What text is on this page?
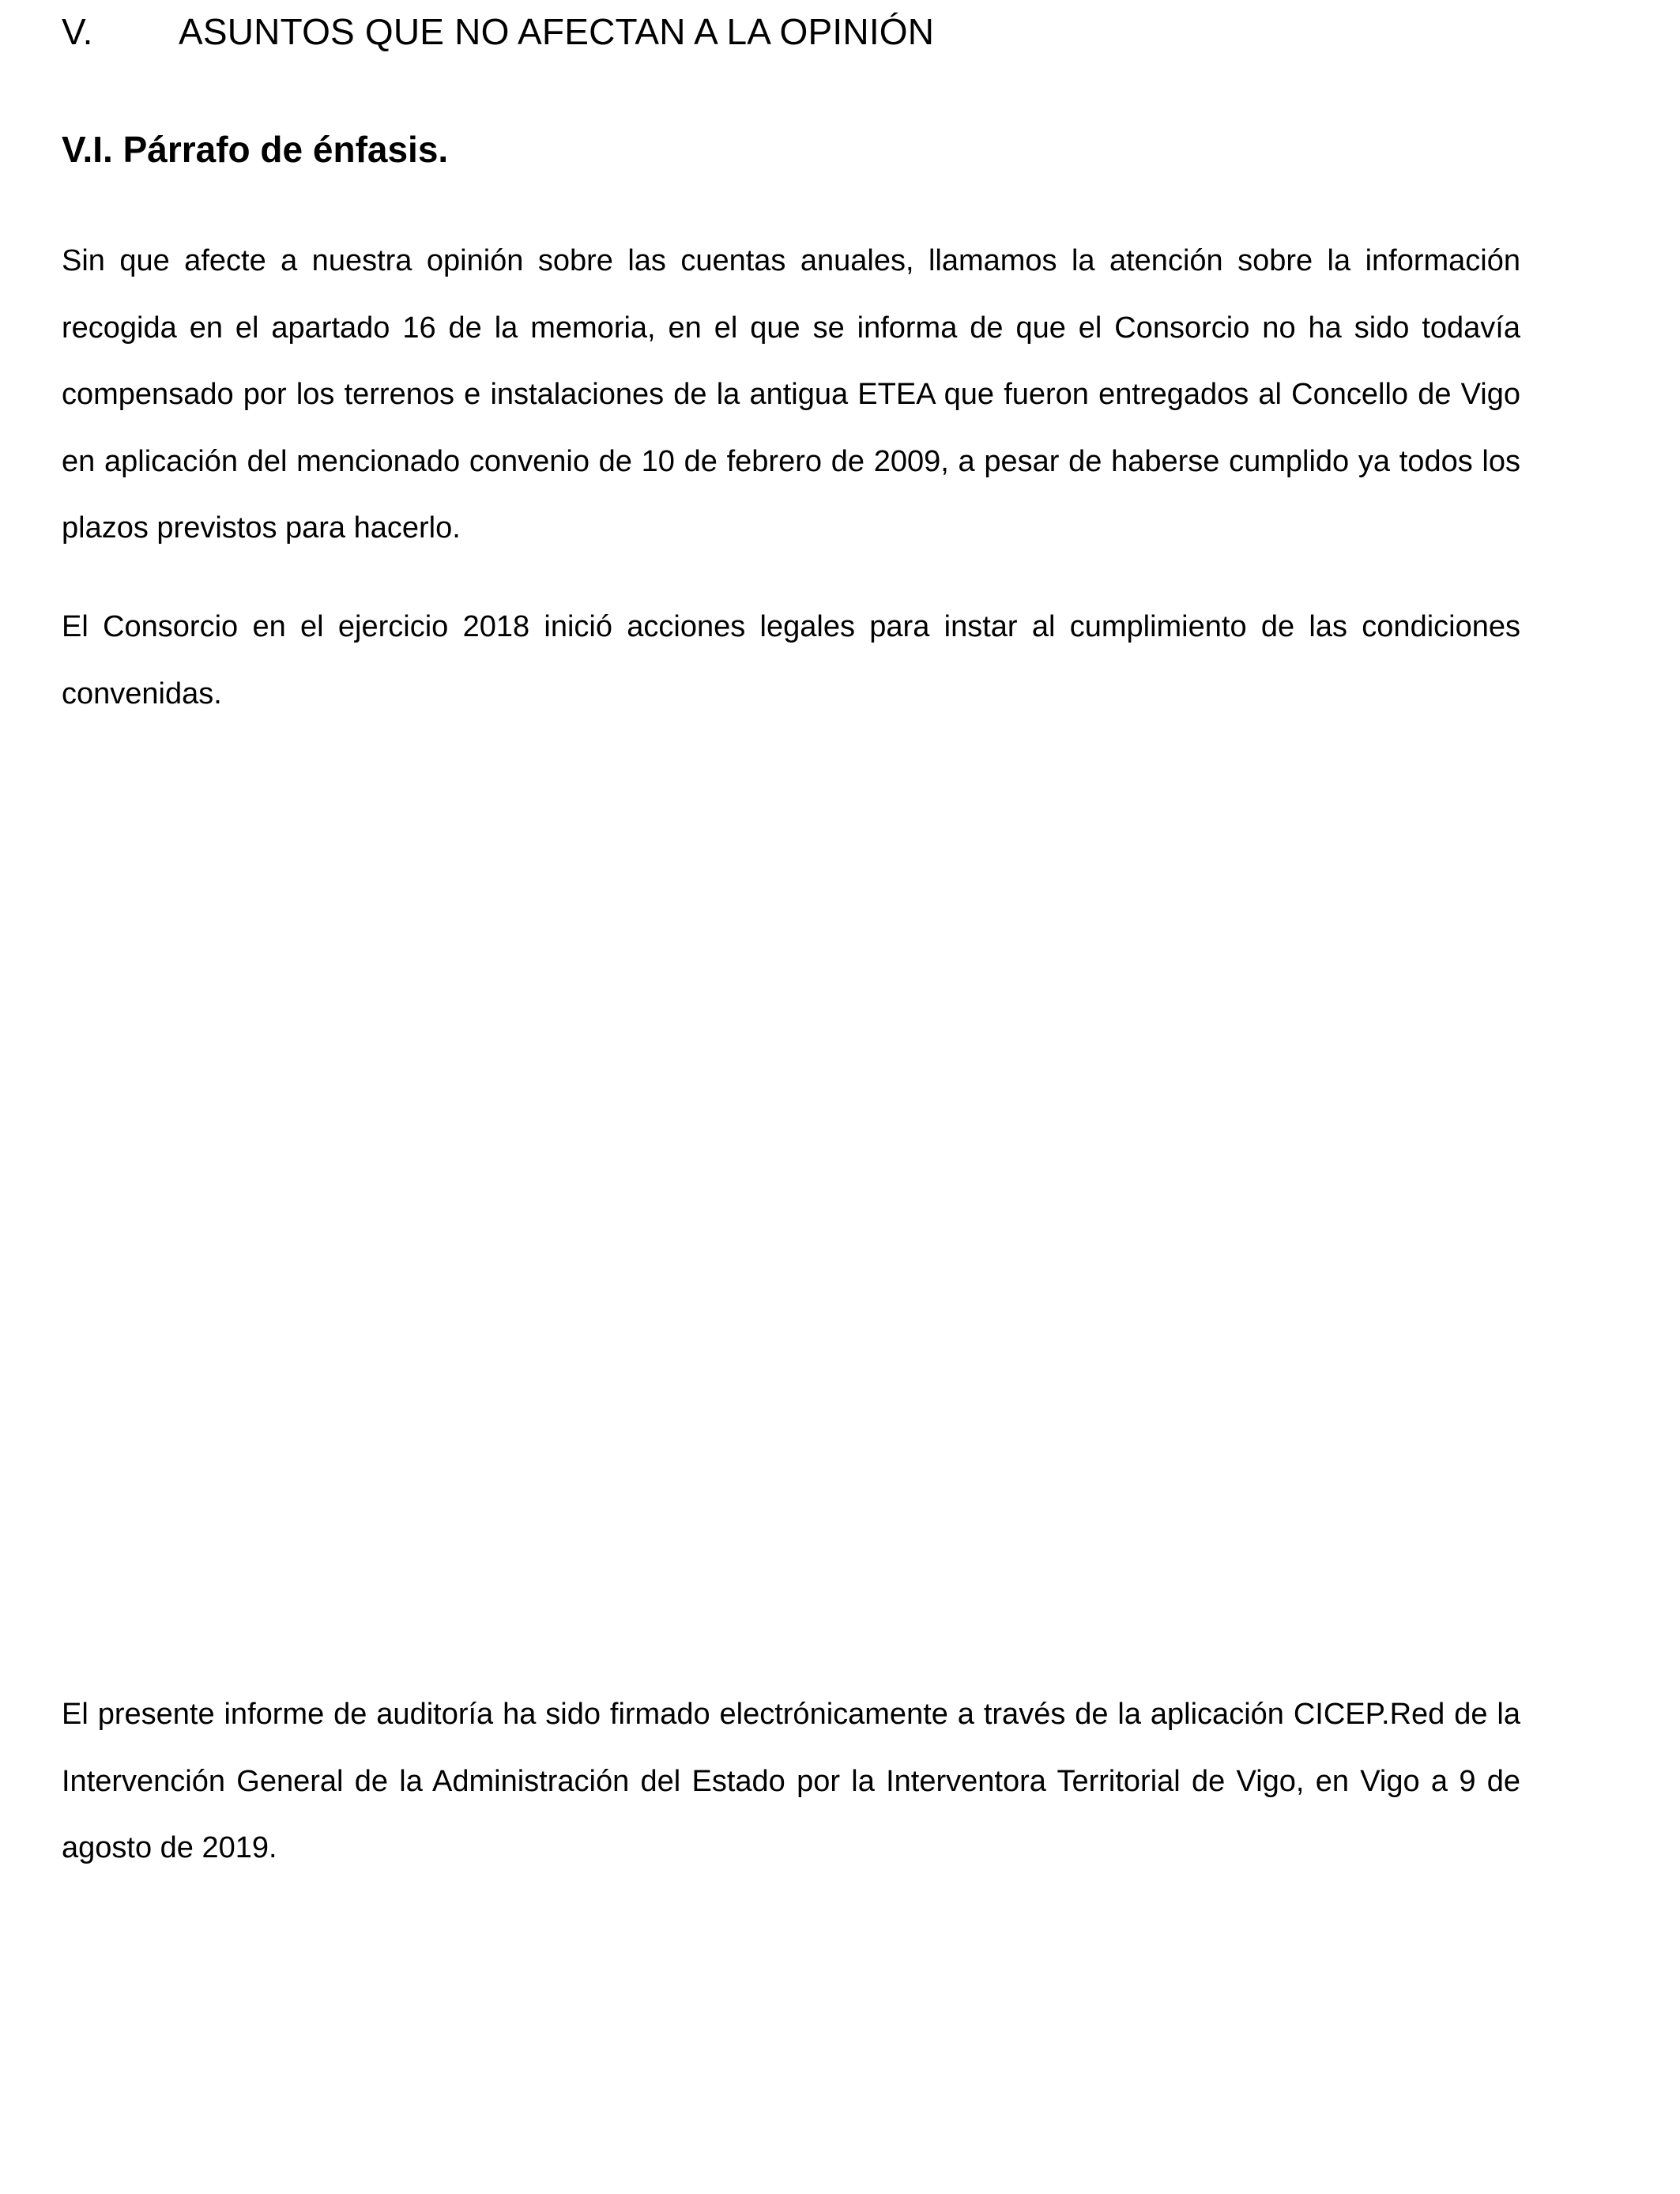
V. ASUNTOS QUE NO AFECTAN A LA OPINIÓN
V.I. Párrafo de énfasis.

Sin que afecte a nuestra opinión sobre las cuentas anuales, llamamos la atención sobre la información recogida en el apartado 16 de la memoria, en el que se informa de que el Consorcio no ha sido todavía compensado por los terrenos e instalaciones de la antigua ETEA que fueron entregados al Concello de Vigo en aplicación del mencionado convenio de 10 de febrero de 2009, a pesar de haberse cumplido ya todos los plazos previstos para hacerlo.

El Consorcio en el ejercicio 2018 inició acciones legales para instar al cumplimiento de las condiciones convenidas.

El presente informe de auditoría ha sido firmado electrónicamente a través de la aplicación CICEP.Red de la Intervención General de la Administración del Estado por la Interventora Territorial de Vigo, en Vigo a 9 de agosto de 2019.
